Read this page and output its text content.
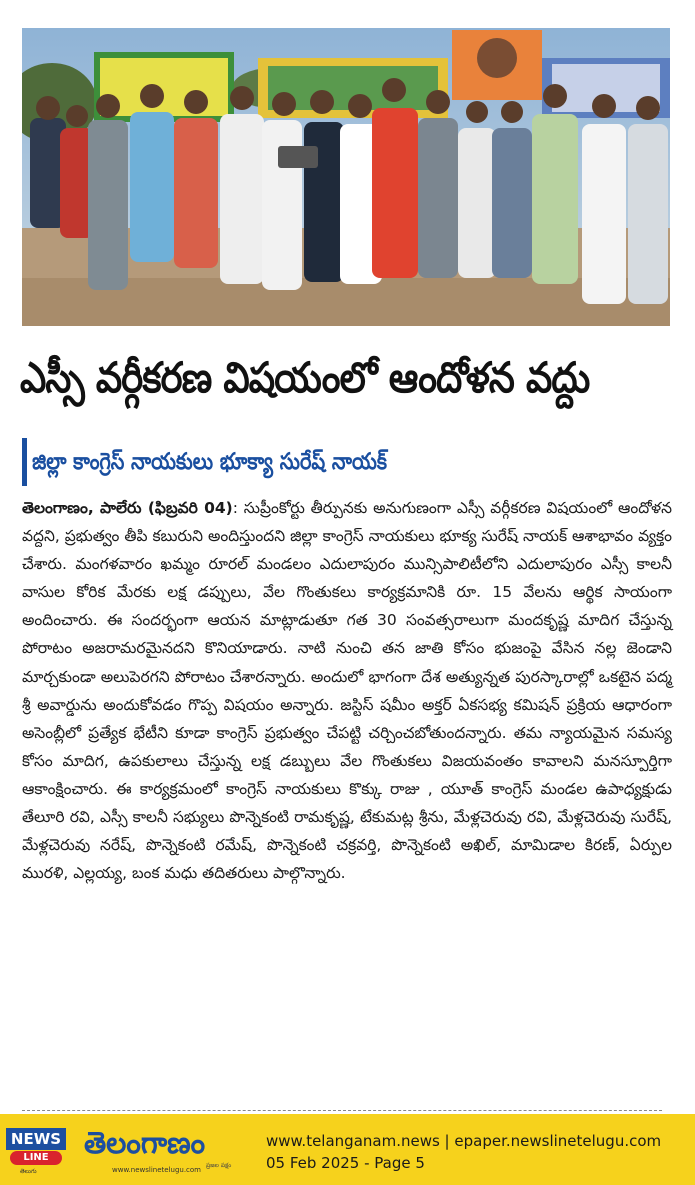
ఎస్సీ వర్గీకరణ విషయంలో ఆందోళన వద్దు
జిల్లా కాంగ్రెస్ నాయకులు భూక్యా సురేష్ నాయక్
తెలంగాణం, పాలేరు (ఫిబ్రవరి 04): సుప్రీంకోర్టు తీర్పునకు అనుగుణంగా ఎస్సీ వర్గీకరణ విషయంలో ఆందోళన వద్దని, ప్రభుత్వం తీపి కబురుని అందిస్తుందని జిల్లా కాంగ్రెస్ నాయకులు భూక్య సురేష్ నాయక్ ఆశాభావం వ్యక్తం చేశారు. మంగళవారం ఖమ్మం రూరల్ మండలం ఎదులాపురం మున్సిపాలిటీలోని ఎదులాపురం ఎస్సీ కాలనీ వాసుల కోరిక మేరకు లక్ష డప్పులు, వేల గొంతుకలు కార్యక్రమానికి రూ. 15 వేలను ఆర్థిక సాయంగా అందించారు. ఈ సందర్భంగా ఆయన మాట్లాడుతూ గత 30 సంవత్సరాలుగా మందకృష్ణ మాదిగ చేస్తున్న పోరాటం అజరామరమైనదని కొనియాడారు. నాటి నుంచి తన జాతి కోసం భుజంపై వేసిన నల్ల జెండాని మార్చకుండా అలుపెరగని పోరాటం చేశారన్నారు. అందులో భాగంగా దేశ అత్యున్నత పురస్కారాల్లో ఒకటైన పద్మ శ్రీ అవార్డును అందుకోవడం గొప్ప విషయం అన్నారు. జస్టిస్ షమీం అక్తర్ ఏకసభ్య కమిషన్ ప్రక్రియ ఆధారంగా అసెంబ్లీలో ప్రత్యేక భేటీని కూడా కాంగ్రెస్ ప్రభుత్వం చేపట్టి చర్చించబోతుందన్నారు. తమ న్యాయమైన సమస్య కోసం మాదిగ, ఉపకులాలు చేస్తున్న లక్ష డబ్బులు వేల గొంతుకలు విజయవంతం కావాలని మనస్పూర్తిగా ఆకాంక్షించారు. ఈ కార్యక్రమంలో కాంగ్రెస్ నాయకులు కొక్కు రాజు , యూత్ కాంగ్రెస్ మండల ఉపాధ్యక్షుడు తేలూరి రవి, ఎస్సీ కాలనీ సభ్యులు పొన్నెకంటి రామకృష్ణ, టేకుమట్ల శ్రీను, మేళ్లచెరువు రవి, మేళ్లచెరువు సురేష్, మేళ్లచెరువు నరేష్, పొన్నెకంటి రమేష్, పొన్నెకంటి చక్రవర్తి, పొన్నెకంటి అఖిల్, మామిడాల కిరణ్, ఏర్పుల మురళి, ఎల్లయ్య, బంక మధు తదితరులు పాల్గొన్నారు.
NEWS
LINE
తెలుగు
తెలంగాణం
www.newslinetelugu.com
ప్రజల పక్షం
www.telanganam.news | epaper.newslinetelugu.com
05 Feb 2025 - Page 5
